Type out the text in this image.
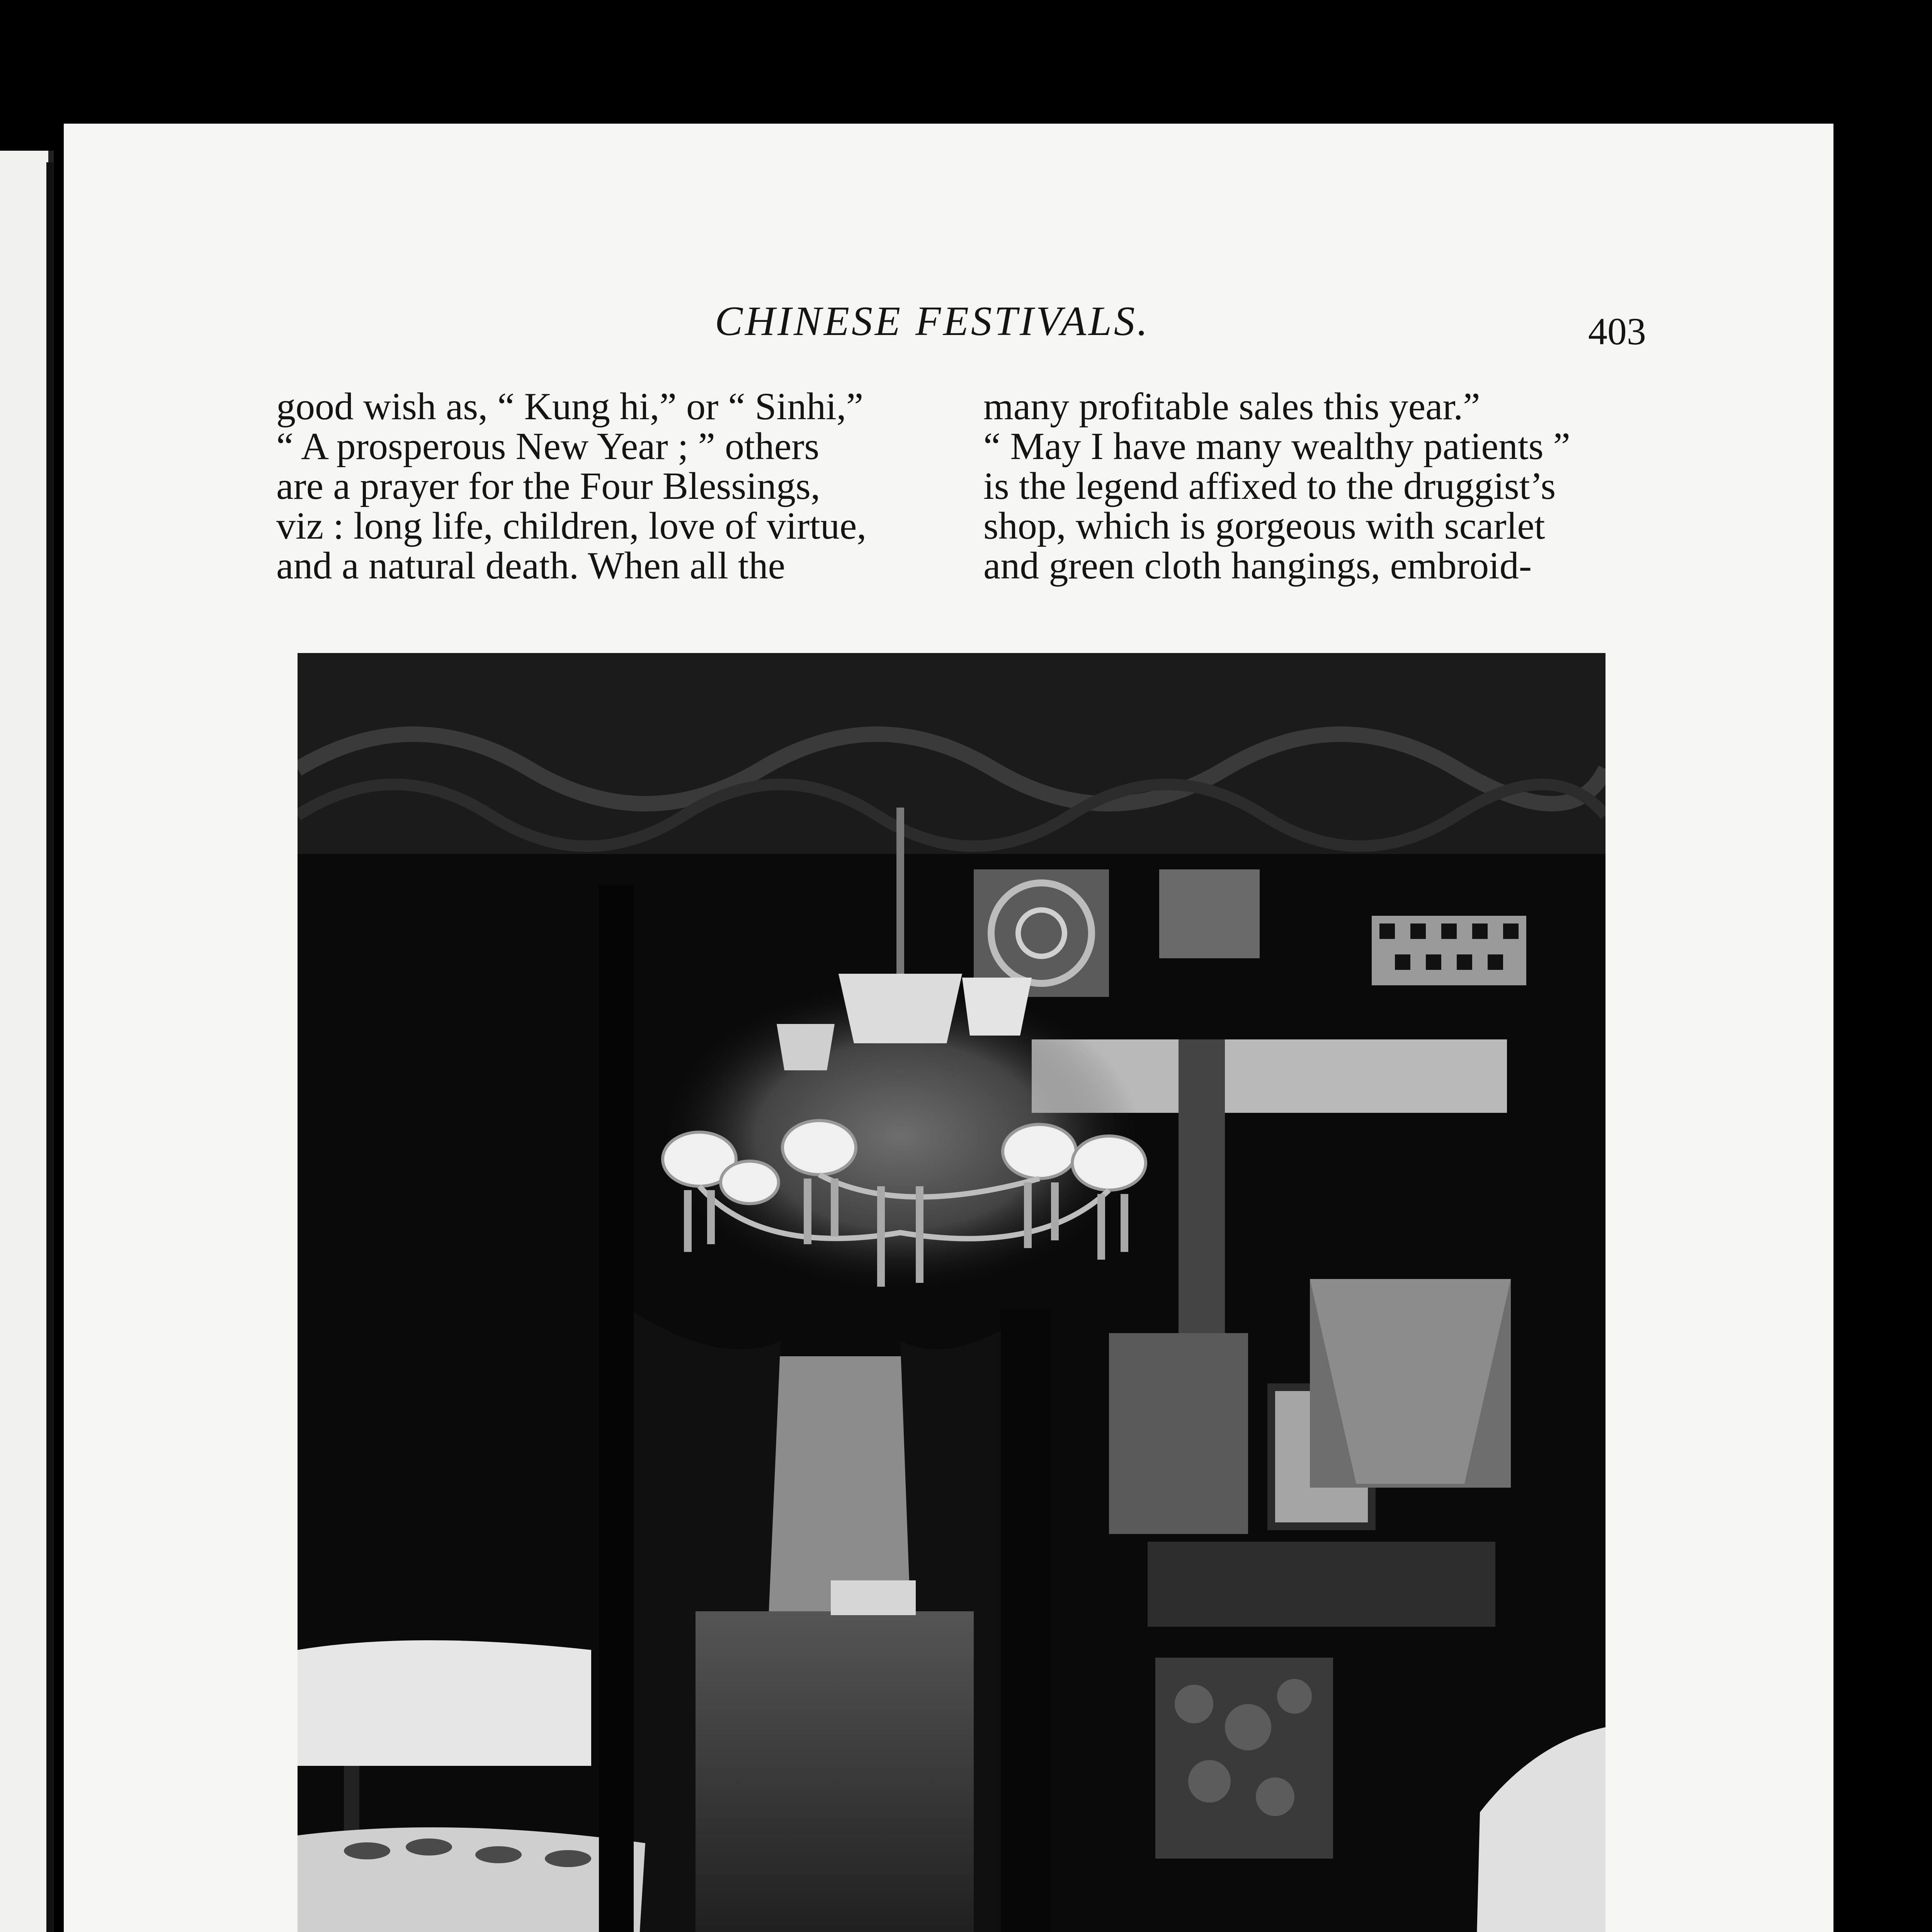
CHINESE FESTIVALS.	403

good wish as, “ Kung hi,” or “ Sinhi,”
“ A prosperous New Year ; ” others
are a prayer for the Four Blessings,
viz : long life, children, love of virtue,
and a natural death. When all the

many profitable sales this year.”
“ May I have many wealthy patients ”
is the legend affixed to the druggist’s
shop, which is gorgeous with scarlet
and green cloth hangings, embroid-
